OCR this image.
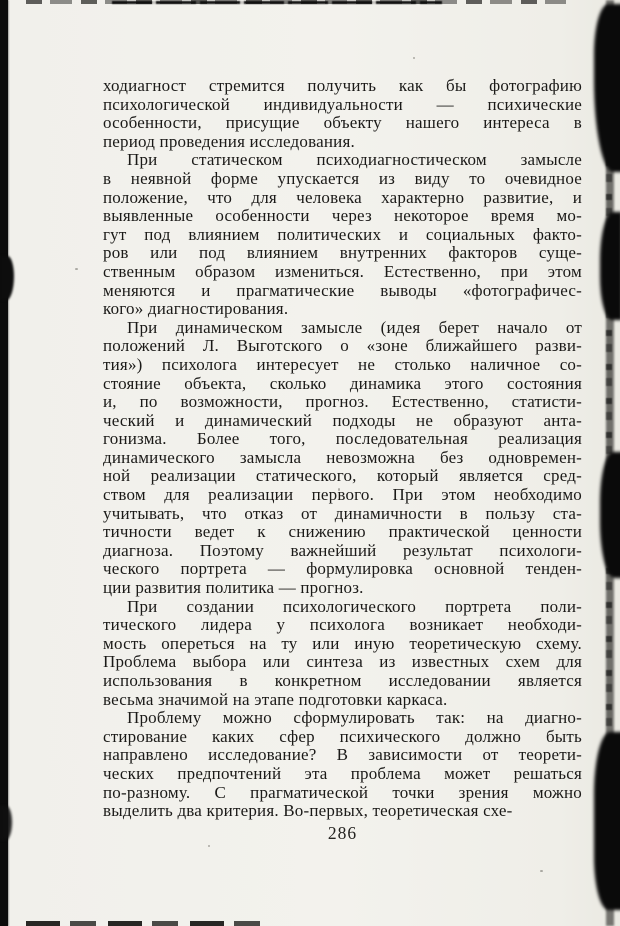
ходиагност стремится получить как бы фотографию
психологической индивидуальности — психические
особенности, присущие объекту нашего интереса в
период проведения исследования.
При статическом психодиагностическом замысле
в неявной форме упускается из виду то очевидное
положение, что для человека характерно развитие, и
выявленные особенности через некоторое время мо-
гут под влиянием политических и социальных факто-
ров или под влиянием внутренних факторов суще-
ственным образом измениться. Естественно, при этом
меняются и прагматические выводы «фотографичес-
кого» диагностирования.
При динамическом замысле (идея берет начало от
положений Л. Выготского о «зоне ближайшего разви-
тия») психолога интересует не столько наличное со-
стояние объекта, сколько динамика этого состояния
и, по возможности, прогноз. Естественно, статисти-
ческий и динамический подходы не образуют анта-
гонизма. Более того, последовательная реализация
динамического замысла невозможна без одновремен-
ной реализации статического, который является сред-
ством для реализации первого. При этом необходимо
учитывать, что отказ от динамичности в пользу ста-
тичности ведет к снижению практической ценности
диагноза. Поэтому важнейший результат психологи-
ческого портрета — формулировка основной тенден-
ции развития политика — прогноз.
При создании психологического портрета поли-
тического лидера у психолога возникает необходи-
мость опереться на ту или иную теоретическую схему.
Проблема выбора или синтеза из известных схем для
использования в конкретном исследовании является
весьма значимой на этапе подготовки каркаса.
Проблему можно сформулировать так: на диагно-
стирование каких сфер психического должно быть
направлено исследование? В зависимости от теорети-
ческих предпочтений эта проблема может решаться
по-разному. С прагматической точки зрения можно
выделить два критерия. Во-первых, теоретическая схе-
286
